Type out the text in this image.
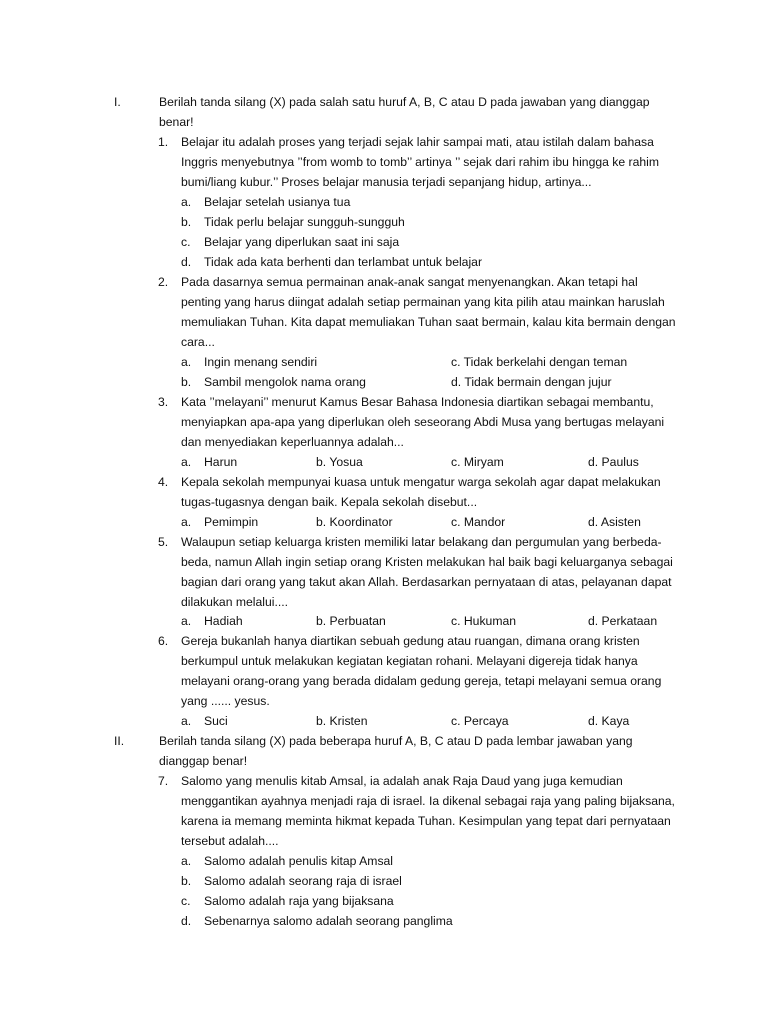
I.	Berilah tanda silang (X) pada salah satu huruf A, B, C atau D pada jawaban yang dianggap benar!
1. Belajar itu adalah proses yang terjadi sejak lahir sampai mati, atau istilah dalam bahasa Inggris menyebutnya ’’from womb to tomb’’ artinya ’’ sejak dari rahim ibu hingga ke rahim bumi/liang kubur.’’ Proses belajar manusia terjadi sepanjang hidup, artinya...
a. Belajar setelah usianya tua
b. Tidak perlu belajar sungguh-sungguh
c. Belajar yang diperlukan saat ini saja
d. Tidak ada kata berhenti dan terlambat untuk belajar
2. Pada dasarnya semua permainan anak-anak sangat menyenangkan. Akan tetapi hal penting yang harus diingat adalah setiap permainan yang kita pilih atau mainkan haruslah memuliakan Tuhan. Kita dapat memuliakan Tuhan saat bermain, kalau kita bermain dengan cara...
a. Ingin menang sendiri	c. Tidak berkelahi dengan teman
b. Sambil mengolok nama orang	d. Tidak bermain dengan jujur
3. Kata ’’melayani’’ menurut Kamus Besar Bahasa Indonesia diartikan sebagai membantu, menyiapkan apa-apa yang diperlukan oleh seseorang Abdi Musa yang bertugas melayani dan menyediakan keperluannya adalah...
a. Harun	b. Yosua	c. Miryam	d. Paulus
4. Kepala sekolah mempunyai kuasa untuk mengatur warga sekolah agar dapat melakukan tugas-tugasnya dengan baik. Kepala sekolah disebut...
a. Pemimpin	b. Koordinator	c. Mandor	d. Asisten
5. Walaupun setiap keluarga kristen memiliki latar belakang dan pergumulan yang berbeda-beda, namun Allah ingin setiap orang Kristen melakukan hal baik bagi keluarganya sebagai bagian dari orang yang takut akan Allah. Berdasarkan pernyataan di atas, pelayanan dapat dilakukan melalui....
a. Hadiah	b. Perbuatan	c. Hukuman	d. Perkataan
6. Gereja bukanlah hanya diartikan sebuah gedung atau ruangan, dimana orang kristen berkumpul untuk melakukan kegiatan kegiatan rohani. Melayani digereja tidak hanya melayani orang-orang yang berada didalam gedung gereja, tetapi melayani semua orang yang ...... yesus.
a. Suci	b. Kristen	c. Percaya	d. Kaya
II.	Berilah tanda silang (X) pada beberapa huruf A, B, C atau D pada lembar jawaban yang dianggap benar!
7. Salomo yang menulis kitab Amsal, ia adalah anak Raja Daud yang juga kemudian menggantikan ayahnya menjadi raja di israel. Ia dikenal sebagai raja yang paling bijaksana, karena ia memang meminta hikmat kepada Tuhan. Kesimpulan yang tepat dari pernyataan tersebut adalah....
a. Salomo adalah penulis kitap Amsal
b. Salomo adalah seorang raja di israel
c. Salomo adalah raja yang bijaksana
d. Sebenarnya salomo adalah seorang panglima
